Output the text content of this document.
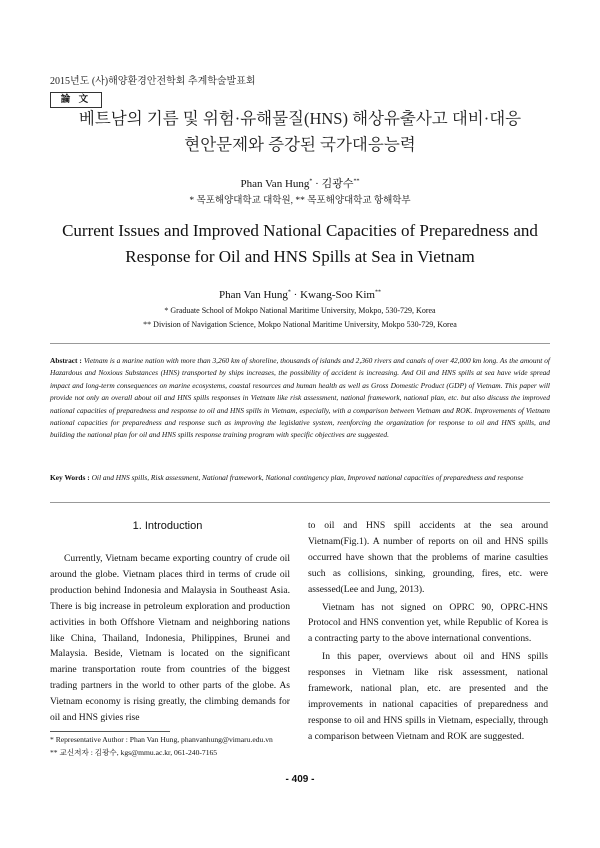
2015년도 (사)해양환경안전학회 추계학술발표회
論 文
베트남의 기름 및 위험·유해물질(HNS) 해상유출사고 대비·대응
현안문제와 증강된 국가대응능력
Phan Van Hung* · 김광수**
* 목포해양대학교 대학원, ** 목포해양대학교 항해학부
Current Issues and Improved National Capacities of Preparedness and
Response for Oil and HNS Spills at Sea in Vietnam
Phan Van Hung* · Kwang-Soo Kim**
* Graduate School of Mokpo National Maritime University, Mokpo, 530-729, Korea
** Division of Navigation Science, Mokpo National Maritime University, Mokpo 530-729, Korea
Abstract : Vietnam is a marine nation with more than 3,260 km of shoreline, thousands of islands and 2,360 rivers and canals of over 42,000 km long. As the amount of Hazardous and Noxious Substances (HNS) transported by ships increases, the possibility of accident is increasing. And Oil and HNS spills at sea have wide spread impact and long-term consequences on marine ecosystems, coastal resources and human health as well as Gross Domestic Product (GDP) of Vietnam. This paper will provide not only an overall about oil and HNS spills responses in Vietnam like risk assessment, national framework, national plan, etc. but also discuss the improved national capacities of preparedness and response to oil and HNS spills in Vietnam, especially, with a comparison between Vietnam and ROK. Improvements of Vietnam national capacities for preparedness and response such as improving the legislative system, reenforcing the organization for response to oil and HNS spills, and building the national plan for oil and HNS spills response training program with specific objectives are suggested.
Key Words : Oil and HNS spills, Risk assessment, National framework, National contingency plan, Improved national capacities of preparedness and response
1. Introduction

Currently, Vietnam became exporting country of crude oil around the globe. Vietnam places third in terms of crude oil production behind Indonesia and Malaysia in Southeast Asia. There is big increase in petroleum exploration and production activities in both Offshore Vietnam and neighboring nations like China, Thailand, Indonesia, Philippines, Brunei and Malaysia. Beside, Vietnam is located on the significant marine transportation route from countries of the biggest trading partners in the world to other parts of the globe. As Vietnam economy is rising greatly, the climbing demands for oil and HNS givies rise

to oil and HNS spill accidents at the sea around Vietnam(Fig.1). A number of reports on oil and HNS spills occurred have shown that the problems of marine casulties such as collisions, sinking, grounding, fires, etc. were assessed(Lee and Jung, 2013).

Vietnam has not signed on OPRC 90, OPRC-HNS Protocol and HNS convention yet, while Republic of Korea is a contracting party to the above international conventions.

In this paper, overviews about oil and HNS spills responses in Vietnam like risk assessment, national framework, national plan, etc. are presented and the improvements in national capacities of preparedness and response to oil and HNS spills in Vietnam, especially, through a comparison between Vietnam and ROK are suggested.

* Representative Author : Phan Van Hung, phanvanhung@vimaru.edu.vn
** 교신저자 : 김광수, kgs@mmu.ac.kr, 061-240-7165
- 409 -
